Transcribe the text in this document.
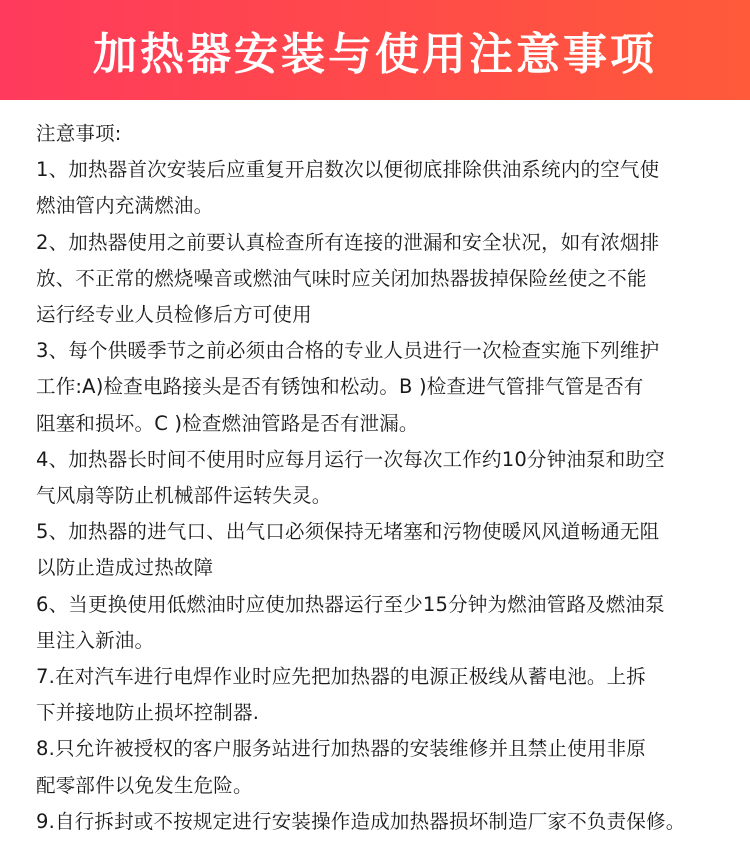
加热器安装与使用注意事项
注意事项:
1、加热器首次安装后应重复开启数次以便彻底排除供油系统内的空气使
燃油管内充满燃油。
2、加热器使用之前要认真检查所有连接的泄漏和安全状况，如有浓烟排
放、不正常的燃烧噪音或燃油气味时应关闭加热器拔掉保险丝使之不能
运行经专业人员检修后方可使用
3、每个供暖季节之前必须由合格的专业人员进行一次检查实施下列维护
工作:A)检查电路接头是否有锈蚀和松动。B )检查进气管排气管是否有
阻塞和损坏。C )检查燃油管路是否有泄漏。
4、加热器长时间不使用时应每月运行一次每次工作约10分钟油泵和助空
气风扇等防止机械部件运转失灵。
5、加热器的进气口、出气口必须保持无堵塞和污物使暖风风道畅通无阻
以防止造成过热故障
6、当更换使用低燃油时应使加热器运行至少15分钟为燃油管路及燃油泵
里注入新油。
7.在对汽车进行电焊作业时应先把加热器的电源正极线从蓄电池。上拆
下并接地防止损坏控制器.
8.只允许被授权的客户服务站进行加热器的安装维修并且禁止使用非原
配零部件以免发生危险。
9.自行拆封或不按规定进行安装操作造成加热器损坏制造厂家不负责保修。
